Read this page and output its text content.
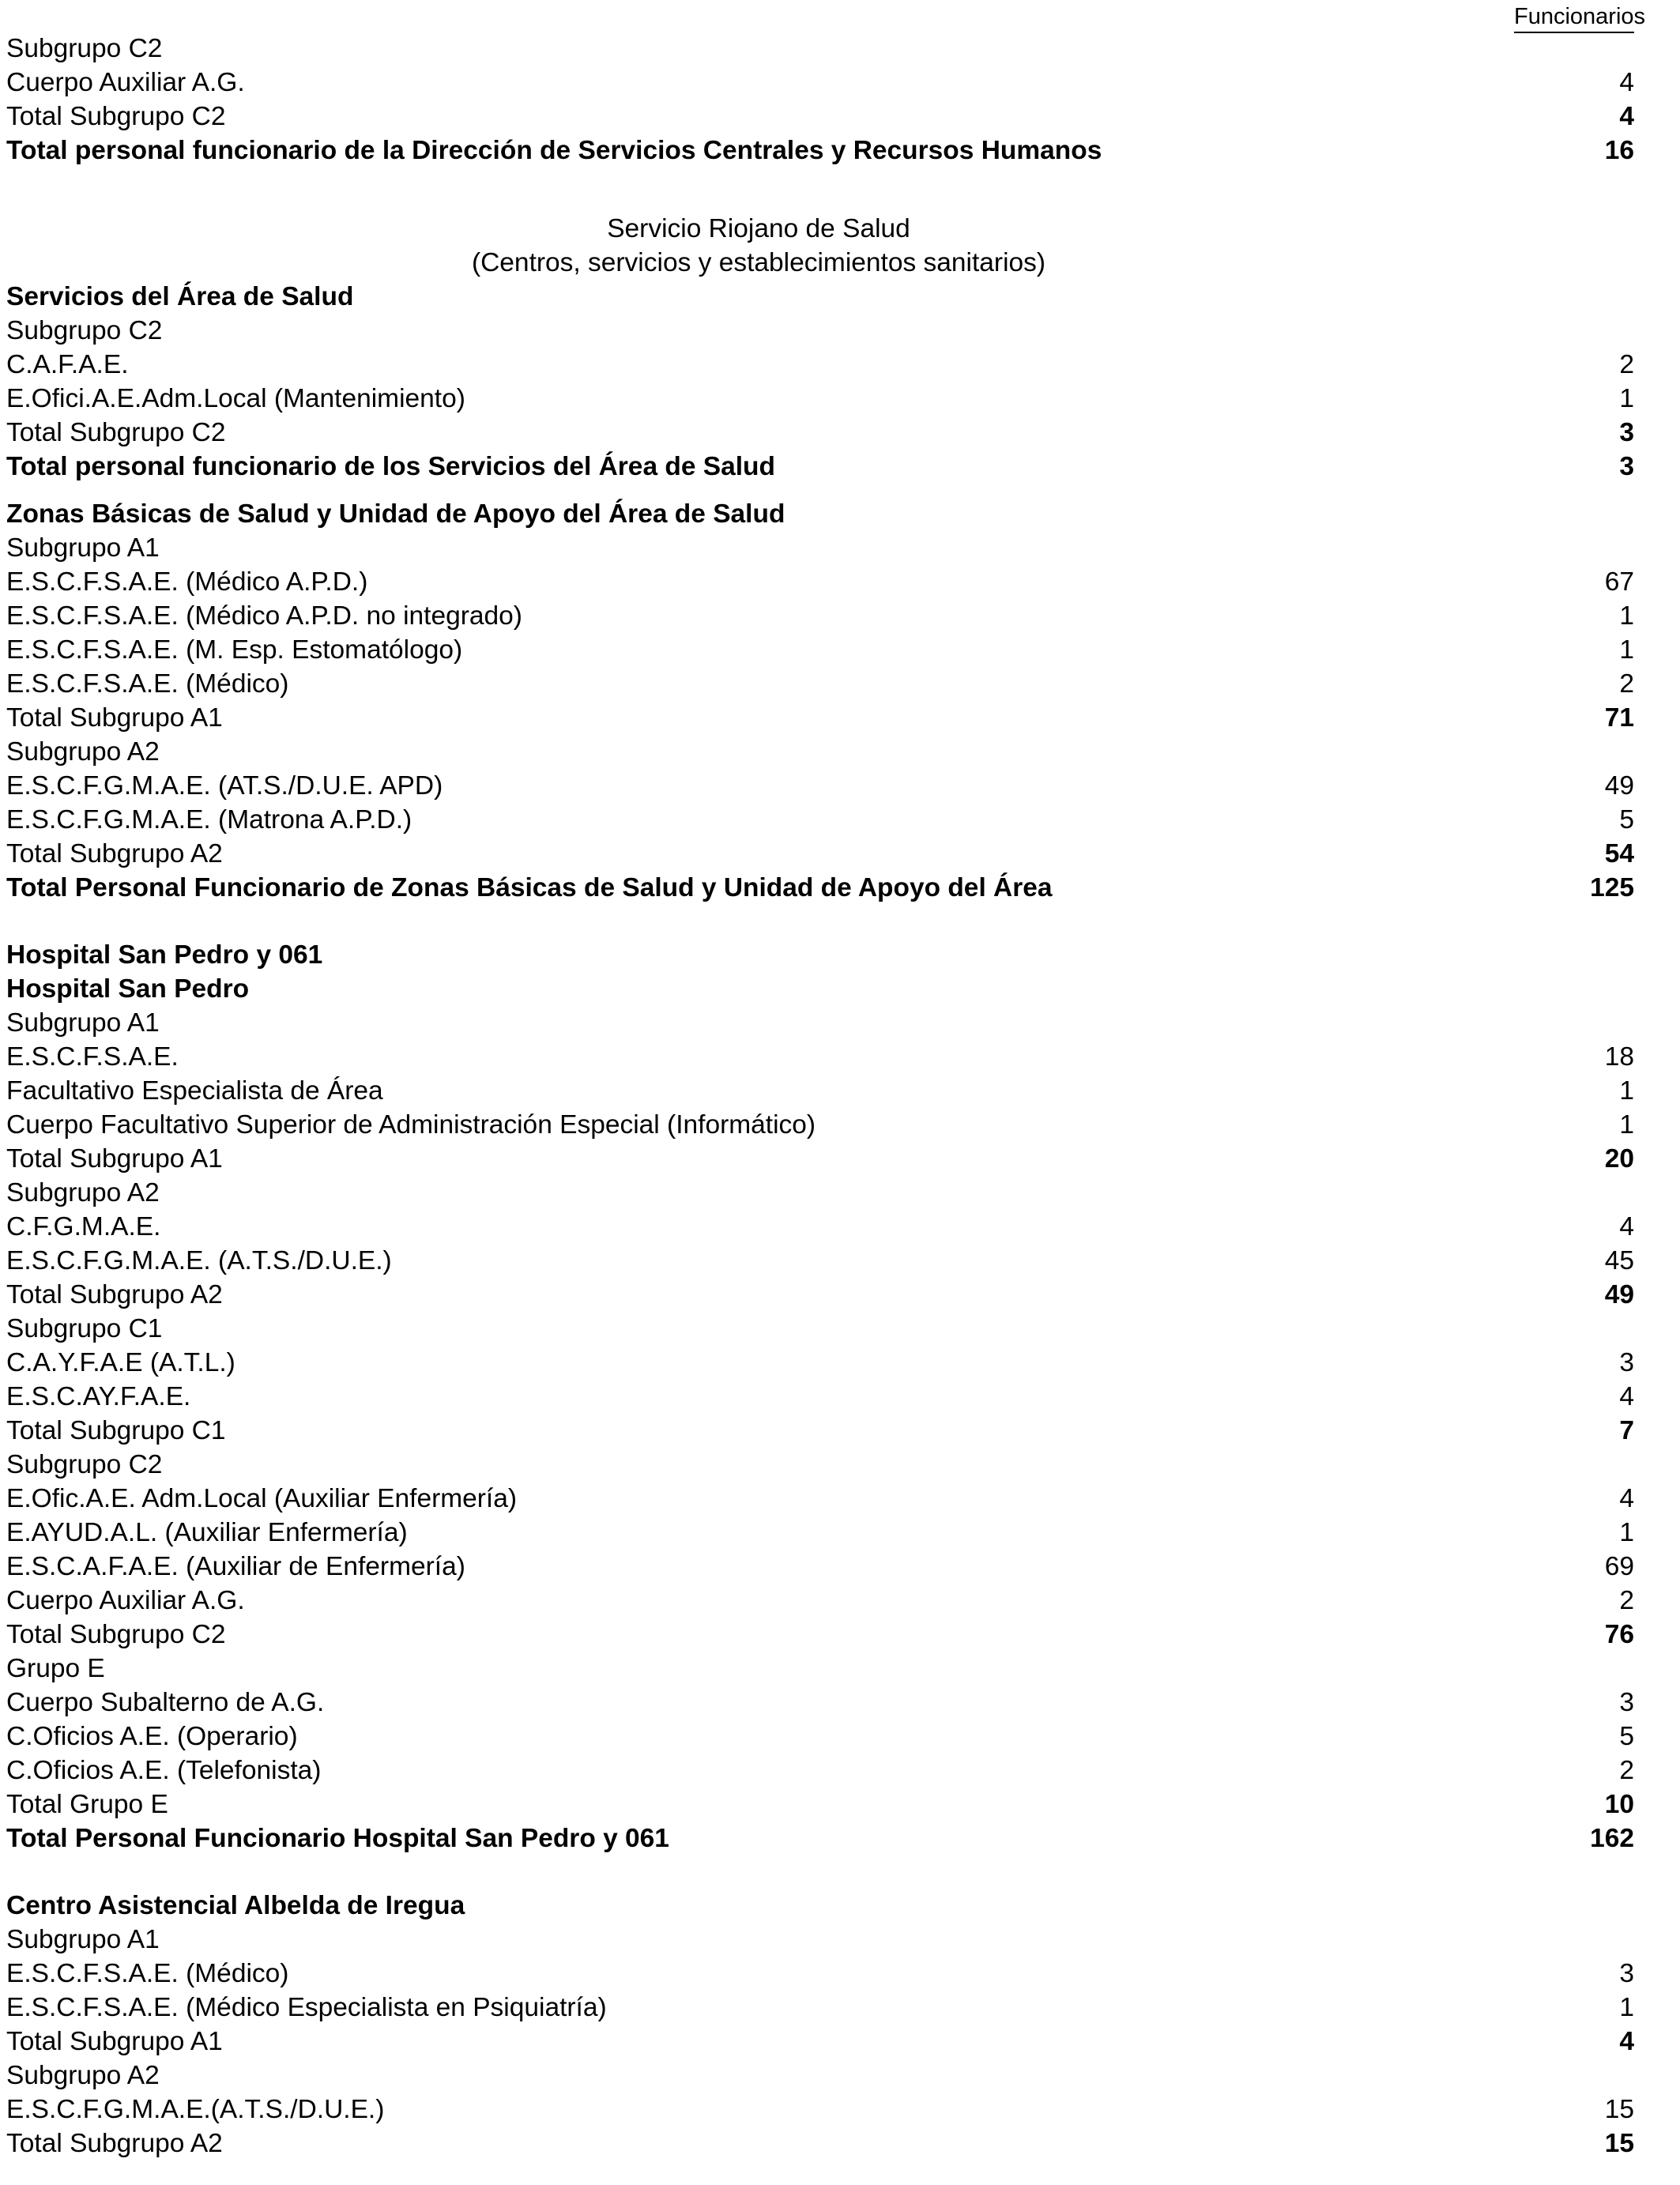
Funcionarios
Subgrupo C2
Cuerpo Auxiliar A.G.	4
Total Subgrupo C2	4
Total personal funcionario de la Dirección de Servicios Centrales y Recursos Humanos	16
Servicio Riojano de Salud
(Centros, servicios y establecimientos sanitarios)
Servicios del Área de Salud
Subgrupo C2
C.A.F.A.E.	2
E.Ofici.A.E.Adm.Local (Mantenimiento)	1
Total Subgrupo C2	3
Total personal funcionario de los Servicios del Área de Salud	3
Zonas Básicas de Salud y Unidad de Apoyo del Área de Salud
Subgrupo A1
E.S.C.F.S.A.E. (Médico A.P.D.)	67
E.S.C.F.S.A.E. (Médico A.P.D. no integrado)	1
E.S.C.F.S.A.E. (M. Esp. Estomatólogo)	1
E.S.C.F.S.A.E. (Médico)	2
Total Subgrupo A1	71
Subgrupo A2
E.S.C.F.G.M.A.E. (AT.S./D.U.E. APD)	49
E.S.C.F.G.M.A.E. (Matrona A.P.D.)	5
Total Subgrupo A2	54
Total Personal Funcionario de Zonas Básicas de Salud y Unidad de Apoyo del Área	125
Hospital San Pedro y 061
Hospital San Pedro
Subgrupo A1
E.S.C.F.S.A.E.	18
Facultativo Especialista de Área	1
Cuerpo Facultativo Superior de Administración Especial (Informático)	1
Total Subgrupo A1	20
Subgrupo A2
C.F.G.M.A.E.	4
E.S.C.F.G.M.A.E. (A.T.S./D.U.E.)	45
Total Subgrupo A2	49
Subgrupo C1
C.A.Y.F.A.E (A.T.L.)	3
E.S.C.AY.F.A.E.	4
Total Subgrupo C1	7
Subgrupo C2
E.Ofic.A.E. Adm.Local (Auxiliar Enfermería)	4
E.AYUD.A.L. (Auxiliar Enfermería)	1
E.S.C.A.F.A.E. (Auxiliar de Enfermería)	69
Cuerpo Auxiliar A.G.	2
Total Subgrupo C2	76
Grupo E
Cuerpo Subalterno de A.G.	3
C.Oficios A.E. (Operario)	5
C.Oficios A.E. (Telefonista)	2
Total Grupo E	10
Total Personal Funcionario Hospital San Pedro y 061	162
Centro Asistencial Albelda de Iregua
Subgrupo A1
E.S.C.F.S.A.E. (Médico)	3
E.S.C.F.S.A.E. (Médico Especialista en Psiquiatría)	1
Total Subgrupo A1	4
Subgrupo A2
E.S.C.F.G.M.A.E.(A.T.S./D.U.E.)	15
Total Subgrupo A2	15
